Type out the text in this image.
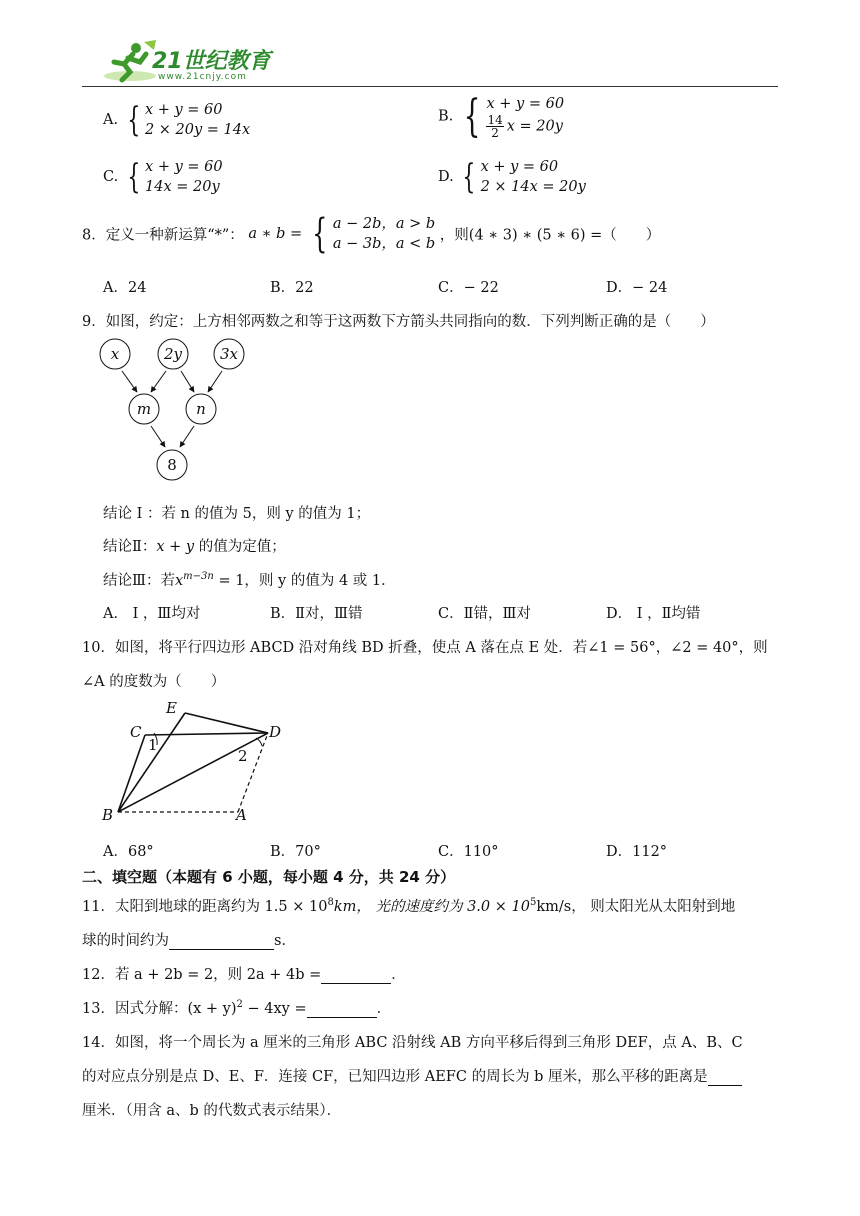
21世纪教育
www.21cnjy.com
A. { x + y = 60
2 × 20y = 14x
B. { x + y = 60

$\frac{14}{2}$ x = 20y
C. { x + y = 60
14x = 20y
D. { x + y = 60
2 × 14x = 20y
8．定义一种新运算“*”： a ∗ b = { a − 2b，a > b
a − 3b，a < b ，则(4 ∗ 3) ∗ (5 ∗ 6) =（　　）
A．24	B．22	C．− 22	D．− 24
9．如图，约定：上方相邻两数之和等于这两数下方箭头共同指向的数．下列判断正确的是（　　）
x	2y	3x
m	n
8
结论 Ⅰ ：若 n 的值为 5，则 y 的值为 1；
结论Ⅱ：x + y 的值为定值；
结论Ⅲ：若$x^{m-3n} = 1$，则 y 的值为 4 或 1．
A． Ⅰ ，Ⅲ均对	B．Ⅱ对，Ⅲ错	C．Ⅱ错，Ⅲ对	D． Ⅰ ，Ⅱ均错
10．如图，将平行四边形 ABCD 沿对角线 BD 折叠，使点 A 落在点 E 处．若∠1 = 56°，∠2 = 40°，则
∠A 的度数为（　　）
E
C	D
1
2
B	A
A．68°	B．70°	C．110°	D．112°
二、填空题（本题有 6 小题，每小题 4 分，共 24 分）
11．太阳到地球的距离约为 $1.5 \times 10^8km$， 光的速度约为 $3.0 \times 10^5km/s$， 则太阳光从太阳射到地
球的时间约为	s．
12．若 a + 2b = 2，则 2a + 4b =	．
13．因式分解：$(x + y)^2 - 4xy$ =	．
14．如图，将一个周长为 a 厘米的三角形 ABC 沿射线 AB 方向平移后得到三角形 DEF，点 A、B、C
的对应点分别是点 D、E、F．连接 CF，已知四边形 AEFC 的周长为 b 厘米，那么平移的距离是
厘米．（用含 a、b 的代数式表示结果）．
